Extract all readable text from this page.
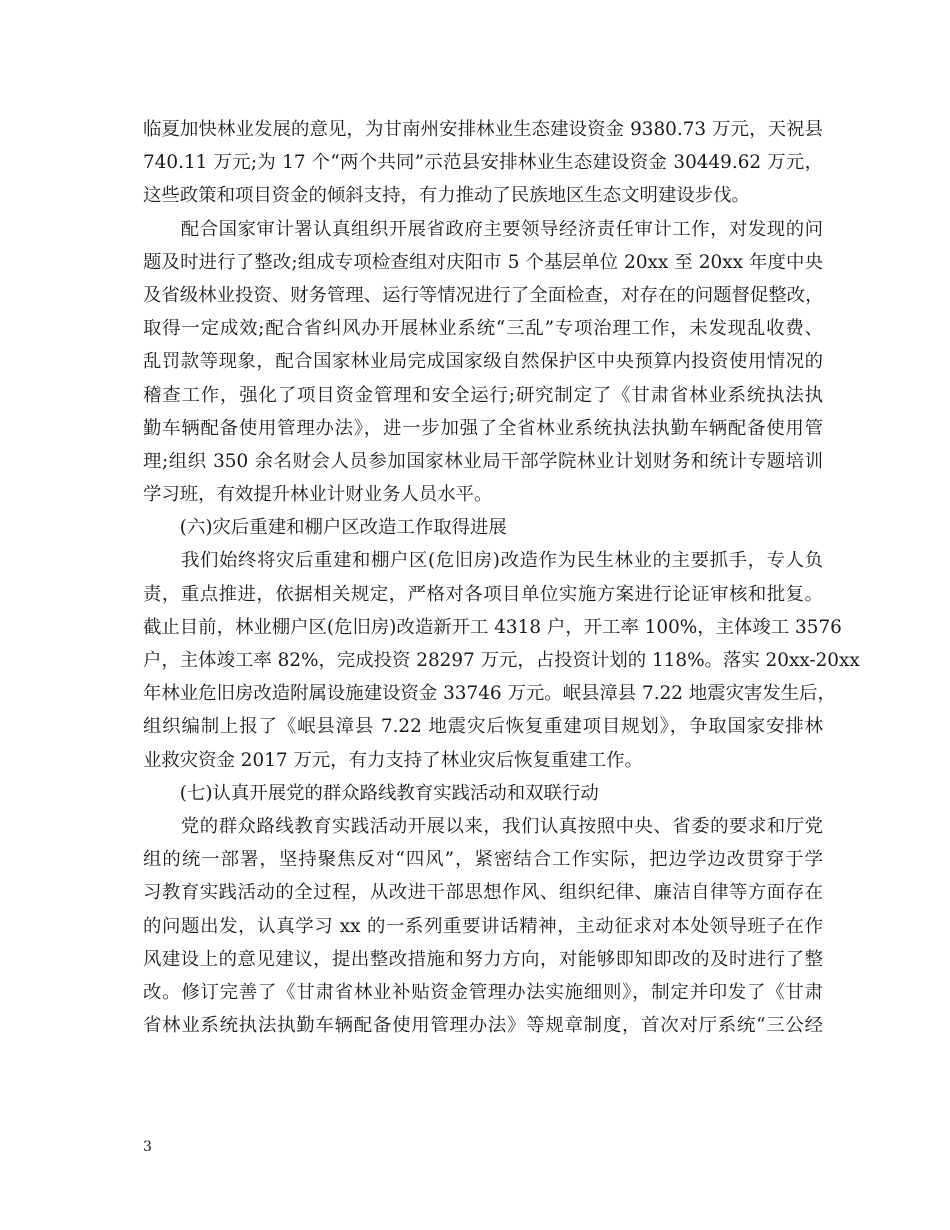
临夏加快林业发展的意见，为甘南州安排林业生态建设资金 9380.73 万元，天祝县
740.11 万元;为 17 个“两个共同”示范县安排林业生态建设资金 30449.62 万元，
这些政策和项目资金的倾斜支持，有力推动了民族地区生态文明建设步伐。
　　配合国家审计署认真组织开展省政府主要领导经济责任审计工作，对发现的问
题及时进行了整改;组成专项检查组对庆阳市 5 个基层单位 20xx 至 20xx 年度中央
及省级林业投资、财务管理、运行等情况进行了全面检查，对存在的问题督促整改，
取得一定成效;配合省纠风办开展林业系统“三乱”专项治理工作，未发现乱收费、
乱罚款等现象，配合国家林业局完成国家级自然保护区中央预算内投资使用情况的
稽查工作，强化了项目资金管理和安全运行;研究制定了《甘肃省林业系统执法执
勤车辆配备使用管理办法》，进一步加强了全省林业系统执法执勤车辆配备使用管
理;组织 350 余名财会人员参加国家林业局干部学院林业计划财务和统计专题培训
学习班，有效提升林业计财业务人员水平。
　　(六)灾后重建和棚户区改造工作取得进展
　　我们始终将灾后重建和棚户区(危旧房)改造作为民生林业的主要抓手，专人负
责，重点推进，依据相关规定，严格对各项目单位实施方案进行论证审核和批复。
截止目前，林业棚户区(危旧房)改造新开工 4318 户，开工率 100%，主体竣工 3576
户，主体竣工率 82%，完成投资 28297 万元，占投资计划的 118%。落实 20xx-20xx
年林业危旧房改造附属设施建设资金 33746 万元。岷县漳县 7.22 地震灾害发生后，
组织编制上报了《岷县漳县 7.22 地震灾后恢复重建项目规划》，争取国家安排林
业救灾资金 2017 万元，有力支持了林业灾后恢复重建工作。
　　(七)认真开展党的群众路线教育实践活动和双联行动
　　党的群众路线教育实践活动开展以来，我们认真按照中央、省委的要求和厅党
组的统一部署，坚持聚焦反对“四风”，紧密结合工作实际，把边学边改贯穿于学
习教育实践活动的全过程，从改进干部思想作风、组织纪律、廉洁自律等方面存在
的问题出发，认真学习 xx 的一系列重要讲话精神，主动征求对本处领导班子在作
风建设上的意见建议，提出整改措施和努力方向，对能够即知即改的及时进行了整
改。修订完善了《甘肃省林业补贴资金管理办法实施细则》，制定并印发了《甘肃
省林业系统执法执勤车辆配备使用管理办法》等规章制度，首次对厅系统“三公经
3
